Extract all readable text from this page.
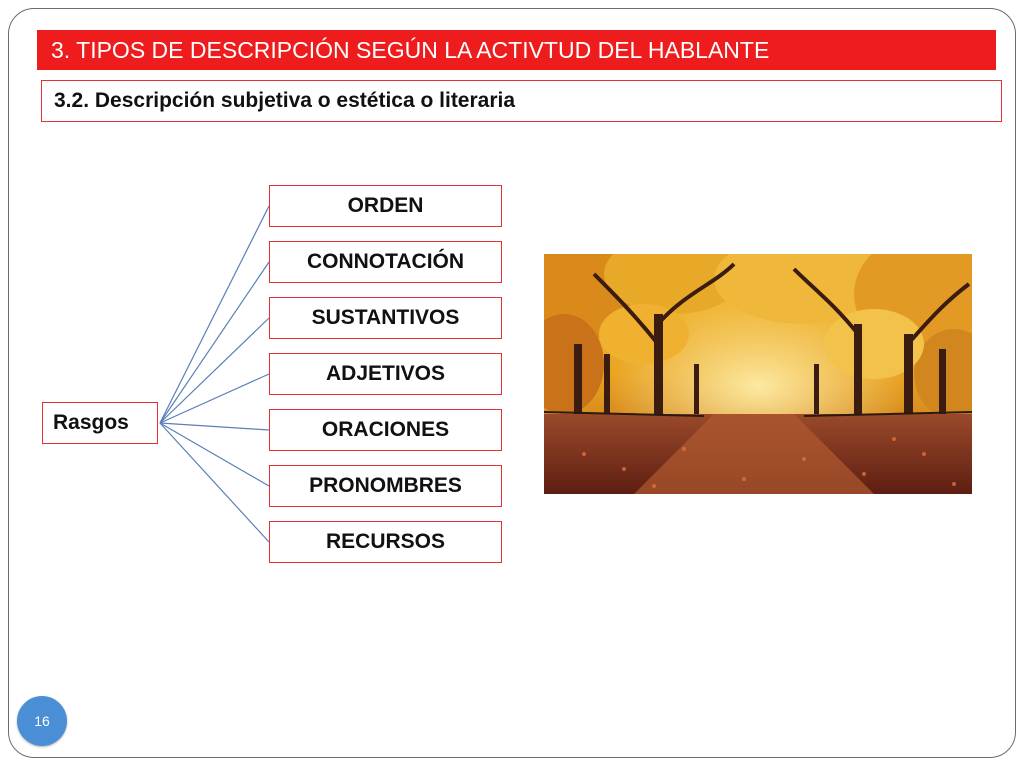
3. TIPOS DE DESCRIPCIÓN SEGÚN LA ACTIVTUD DEL HABLANTE
3.2. Descripción subjetiva o estética o literaria
Rasgos
ORDEN
CONNOTACIÓN
SUSTANTIVOS
ADJETIVOS
ORACIONES
PRONOMBRES
RECURSOS
16
